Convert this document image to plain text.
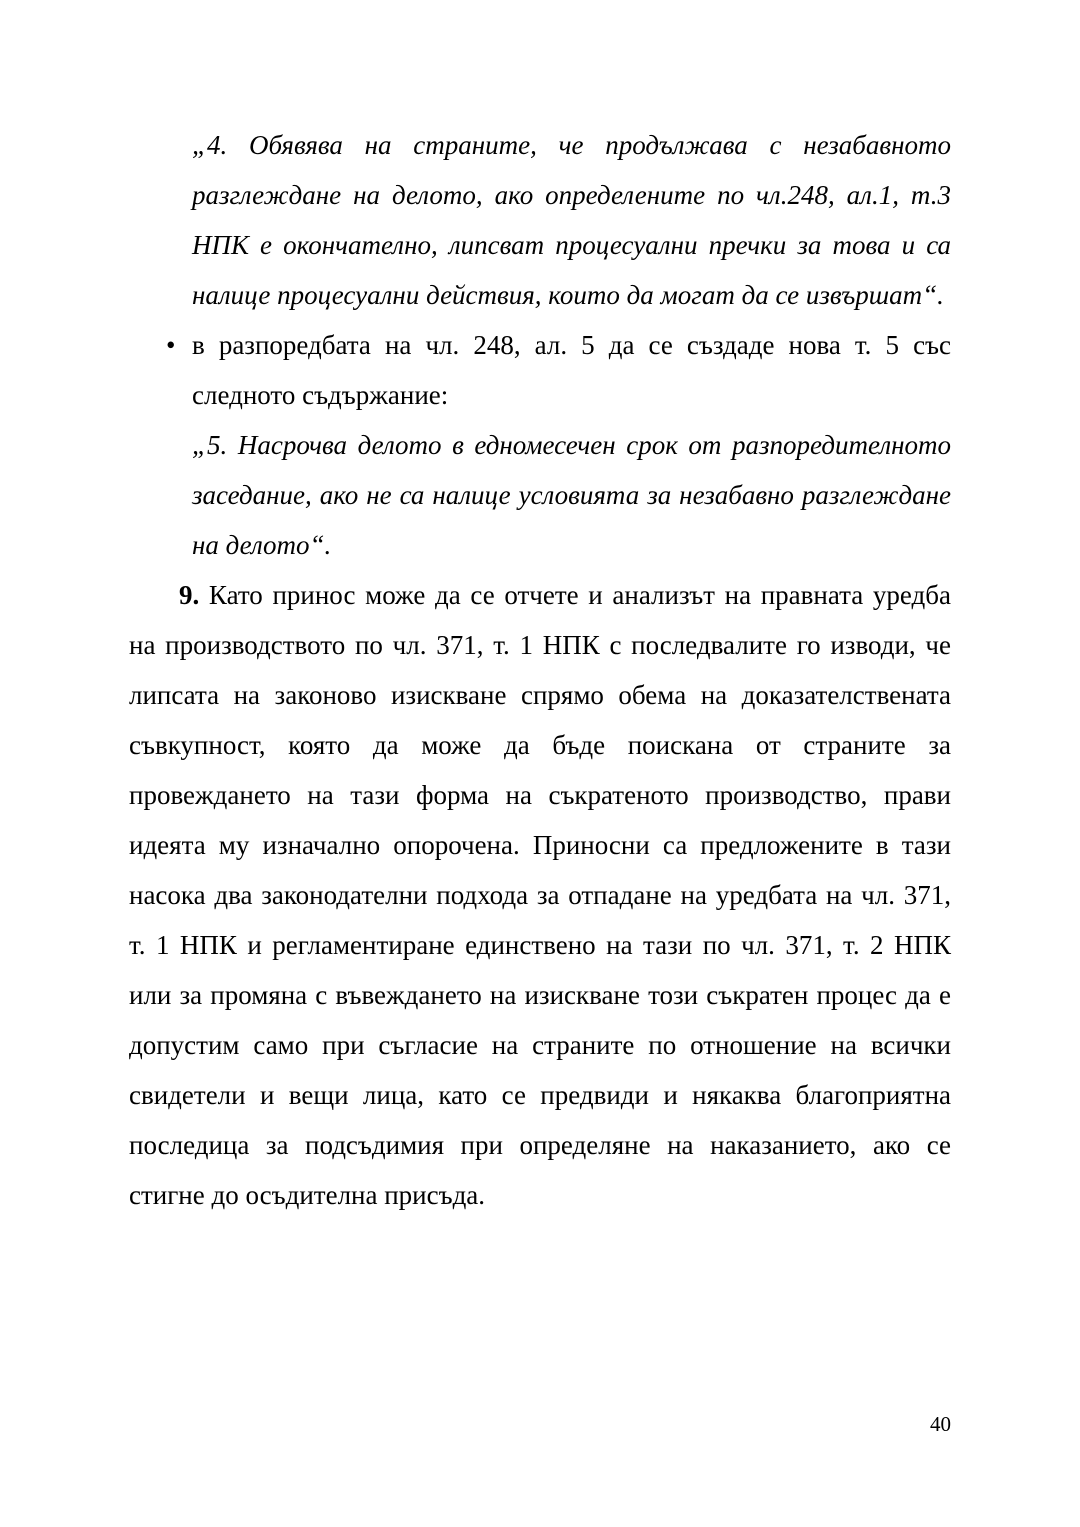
„4. Обявява на страните, че продължава с незабавното разглеждане на делото, ако определените по чл.248, ал.1, т.3 НПК е окончателно, липсват процесуални пречки за това и са налице процесуални действия, които да могат да се извършат“.
• в разпоредбата на чл. 248, ал. 5 да се създаде нова т. 5 със следното съдържание:
„5. Насрочва делото в едномесечен срок от разпоредителното заседание, ако не са налице условията за незабавно разглеждане на делото“.

9. Като принос може да се отчете и анализът на правната уредба на производството по чл. 371, т. 1 НПК с последвалите го изводи, че липсата на законово изискване спрямо обема на доказателствената съвкупност, която да може да бъде поискана от страните за провеждането на тази форма на съкратеното производство, прави идеята му изначално опорочена. Приносни са предложените в тази насока два законодателни подхода за отпадане на уредбата на чл. 371, т. 1 НПК и регламентиране единствено на тази по чл. 371, т. 2 НПК или за промяна с въвеждането на изискване този съкратен процес да е допустим само при съгласие на страните по отношение на всички свидетели и вещи лица, като се предвиди и някаква благоприятна последица за подсъдимия при определяне на наказанието, ако се стигне до осъдителна присъда.

40
